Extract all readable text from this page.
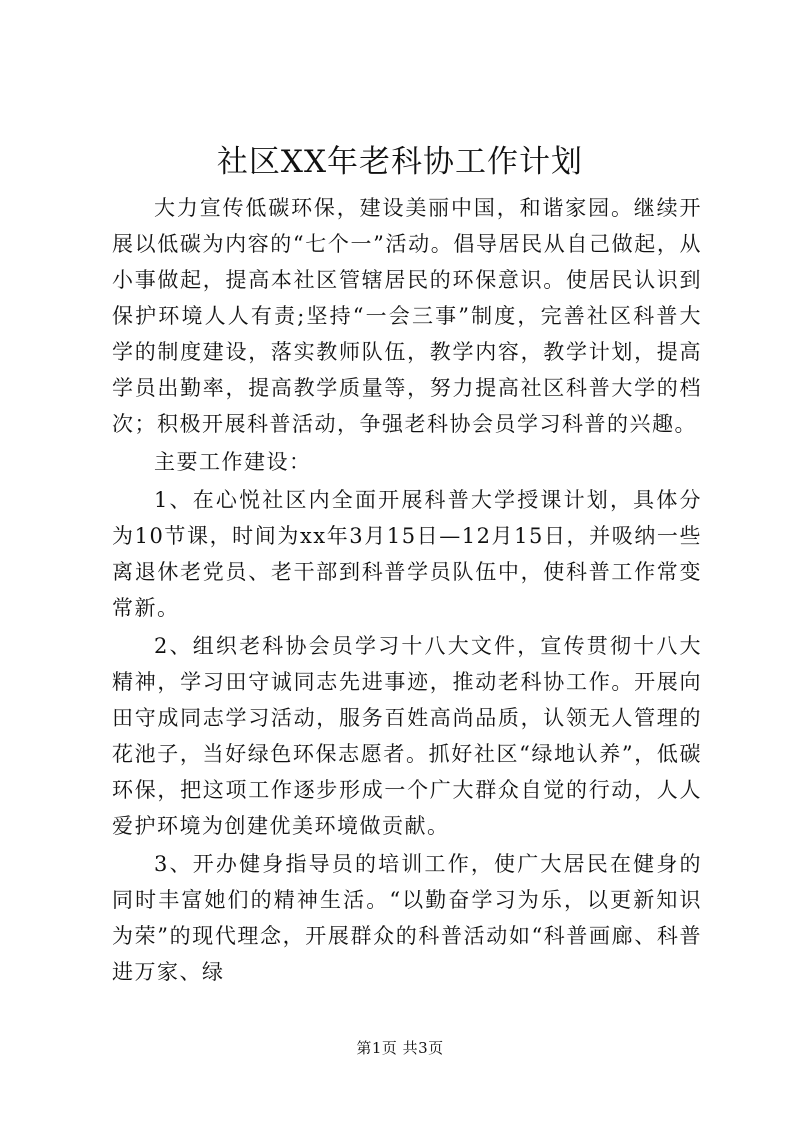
社区XX年老科协工作计划

大力宣传低碳环保，建设美丽中国，和谐家园。继续开展以低碳为内容的“七个一”活动。倡导居民从自己做起，从小事做起，提高本社区管辖居民的环保意识。使居民认识到保护环境人人有责;坚持“一会三事”制度，完善社区科普大学的制度建设，落实教师队伍，教学内容，教学计划，提高学员出勤率，提高教学质量等，努力提高社区科普大学的档次；积极开展科普活动，争强老科协会员学习科普的兴趣。

主要工作建设：

1、在心悦社区内全面开展科普大学授课计划，具体分为10节课，时间为xx年3月15日—12月15日，并吸纳一些离退休老党员、老干部到科普学员队伍中，使科普工作常变常新。

2、组织老科协会员学习十八大文件，宣传贯彻十八大精神，学习田守诚同志先进事迹，推动老科协工作。开展向田守成同志学习活动，服务百姓高尚品质，认领无人管理的花池子，当好绿色环保志愿者。抓好社区“绿地认养”，低碳环保，把这项工作逐步形成一个广大群众自觉的行动，人人爱护环境为创建优美环境做贡献。

3、开办健身指导员的培训工作，使广大居民在健身的同时丰富她们的精神生活。“以勤奋学习为乐，以更新知识为荣”的现代理念，开展群众的科普活动如“科普画廊、科普进万家、绿

第1页 共3页
